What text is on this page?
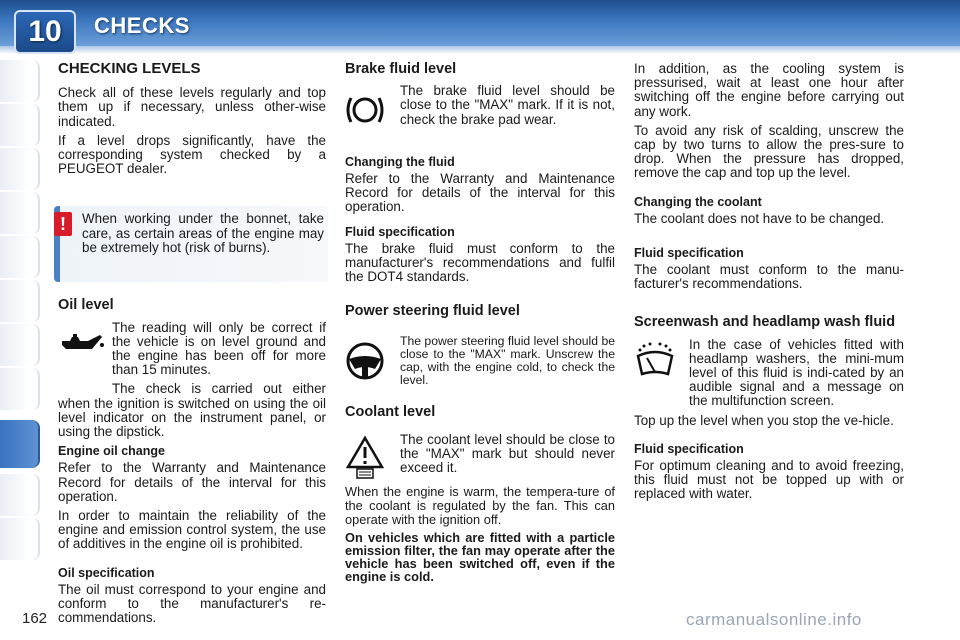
10	CHECKS
CHECKING LEVELS

Check all of these levels regularly and top them up if necessary, unless other-wise indicated.

If a level drops significantly, have the corresponding system checked by a PEUGEOT dealer.

!	When working under the bonnet, take care, as certain areas of the engine may be extremely hot (risk of burns).
Oil level

The reading will only be correct if the vehicle is on level ground and the engine has been off for more than 15 minutes.

The check is carried out either when the ignition is switched on using the oil level indicator on the instrument panel, or using the dipstick.

Engine oil change

Refer to the Warranty and Maintenance Record for details of the interval for this operation.

In order to maintain the reliability of the engine and emission control system, the use of additives in the engine oil is prohibited.

Oil specification

The oil must correspond to your engine and conform to the manufacturer's re-commendations.

Brake fluid level

The brake fluid level should be close to the "MAX" mark. If it is not, check the brake pad wear.

Changing the fluid

Refer to the Warranty and Maintenance Record for details of the interval for this operation.

Fluid specification

The brake fluid must conform to the manufacturer's recommendations and fulfil the DOT4 standards.

Power steering fluid level

The power steering fluid level should be close to the "MAX" mark. Unscrew the cap, with the engine cold, to check the level.

Coolant level

The coolant level should be close to the "MAX" mark but should never exceed it.

When the engine is warm, the tempera-ture of the coolant is regulated by the fan. This can operate with the ignition off.

On vehicles which are fitted with a particle emission filter, the fan may operate after the vehicle has been switched off, even if the engine is cold.

In addition, as the cooling system is pressurised, wait at least one hour after switching off the engine before carrying out any work.

To avoid any risk of scalding, unscrew the cap by two turns to allow the pres-sure to drop. When the pressure has dropped, remove the cap and top up the level.

Changing the coolant

The coolant does not have to be changed.

Fluid specification

The coolant must conform to the manu-facturer's recommendations.

Screenwash and headlamp wash fluid

In the case of vehicles fitted with headlamp washers, the mini-mum level of this fluid is indi-cated by an audible signal and a message on the multifunction screen.

Top up the level when you stop the ve-hicle.

Fluid specification

For optimum cleaning and to avoid freezing, this fluid must not be topped up with or replaced with water.

162	carmanualsonline.info
